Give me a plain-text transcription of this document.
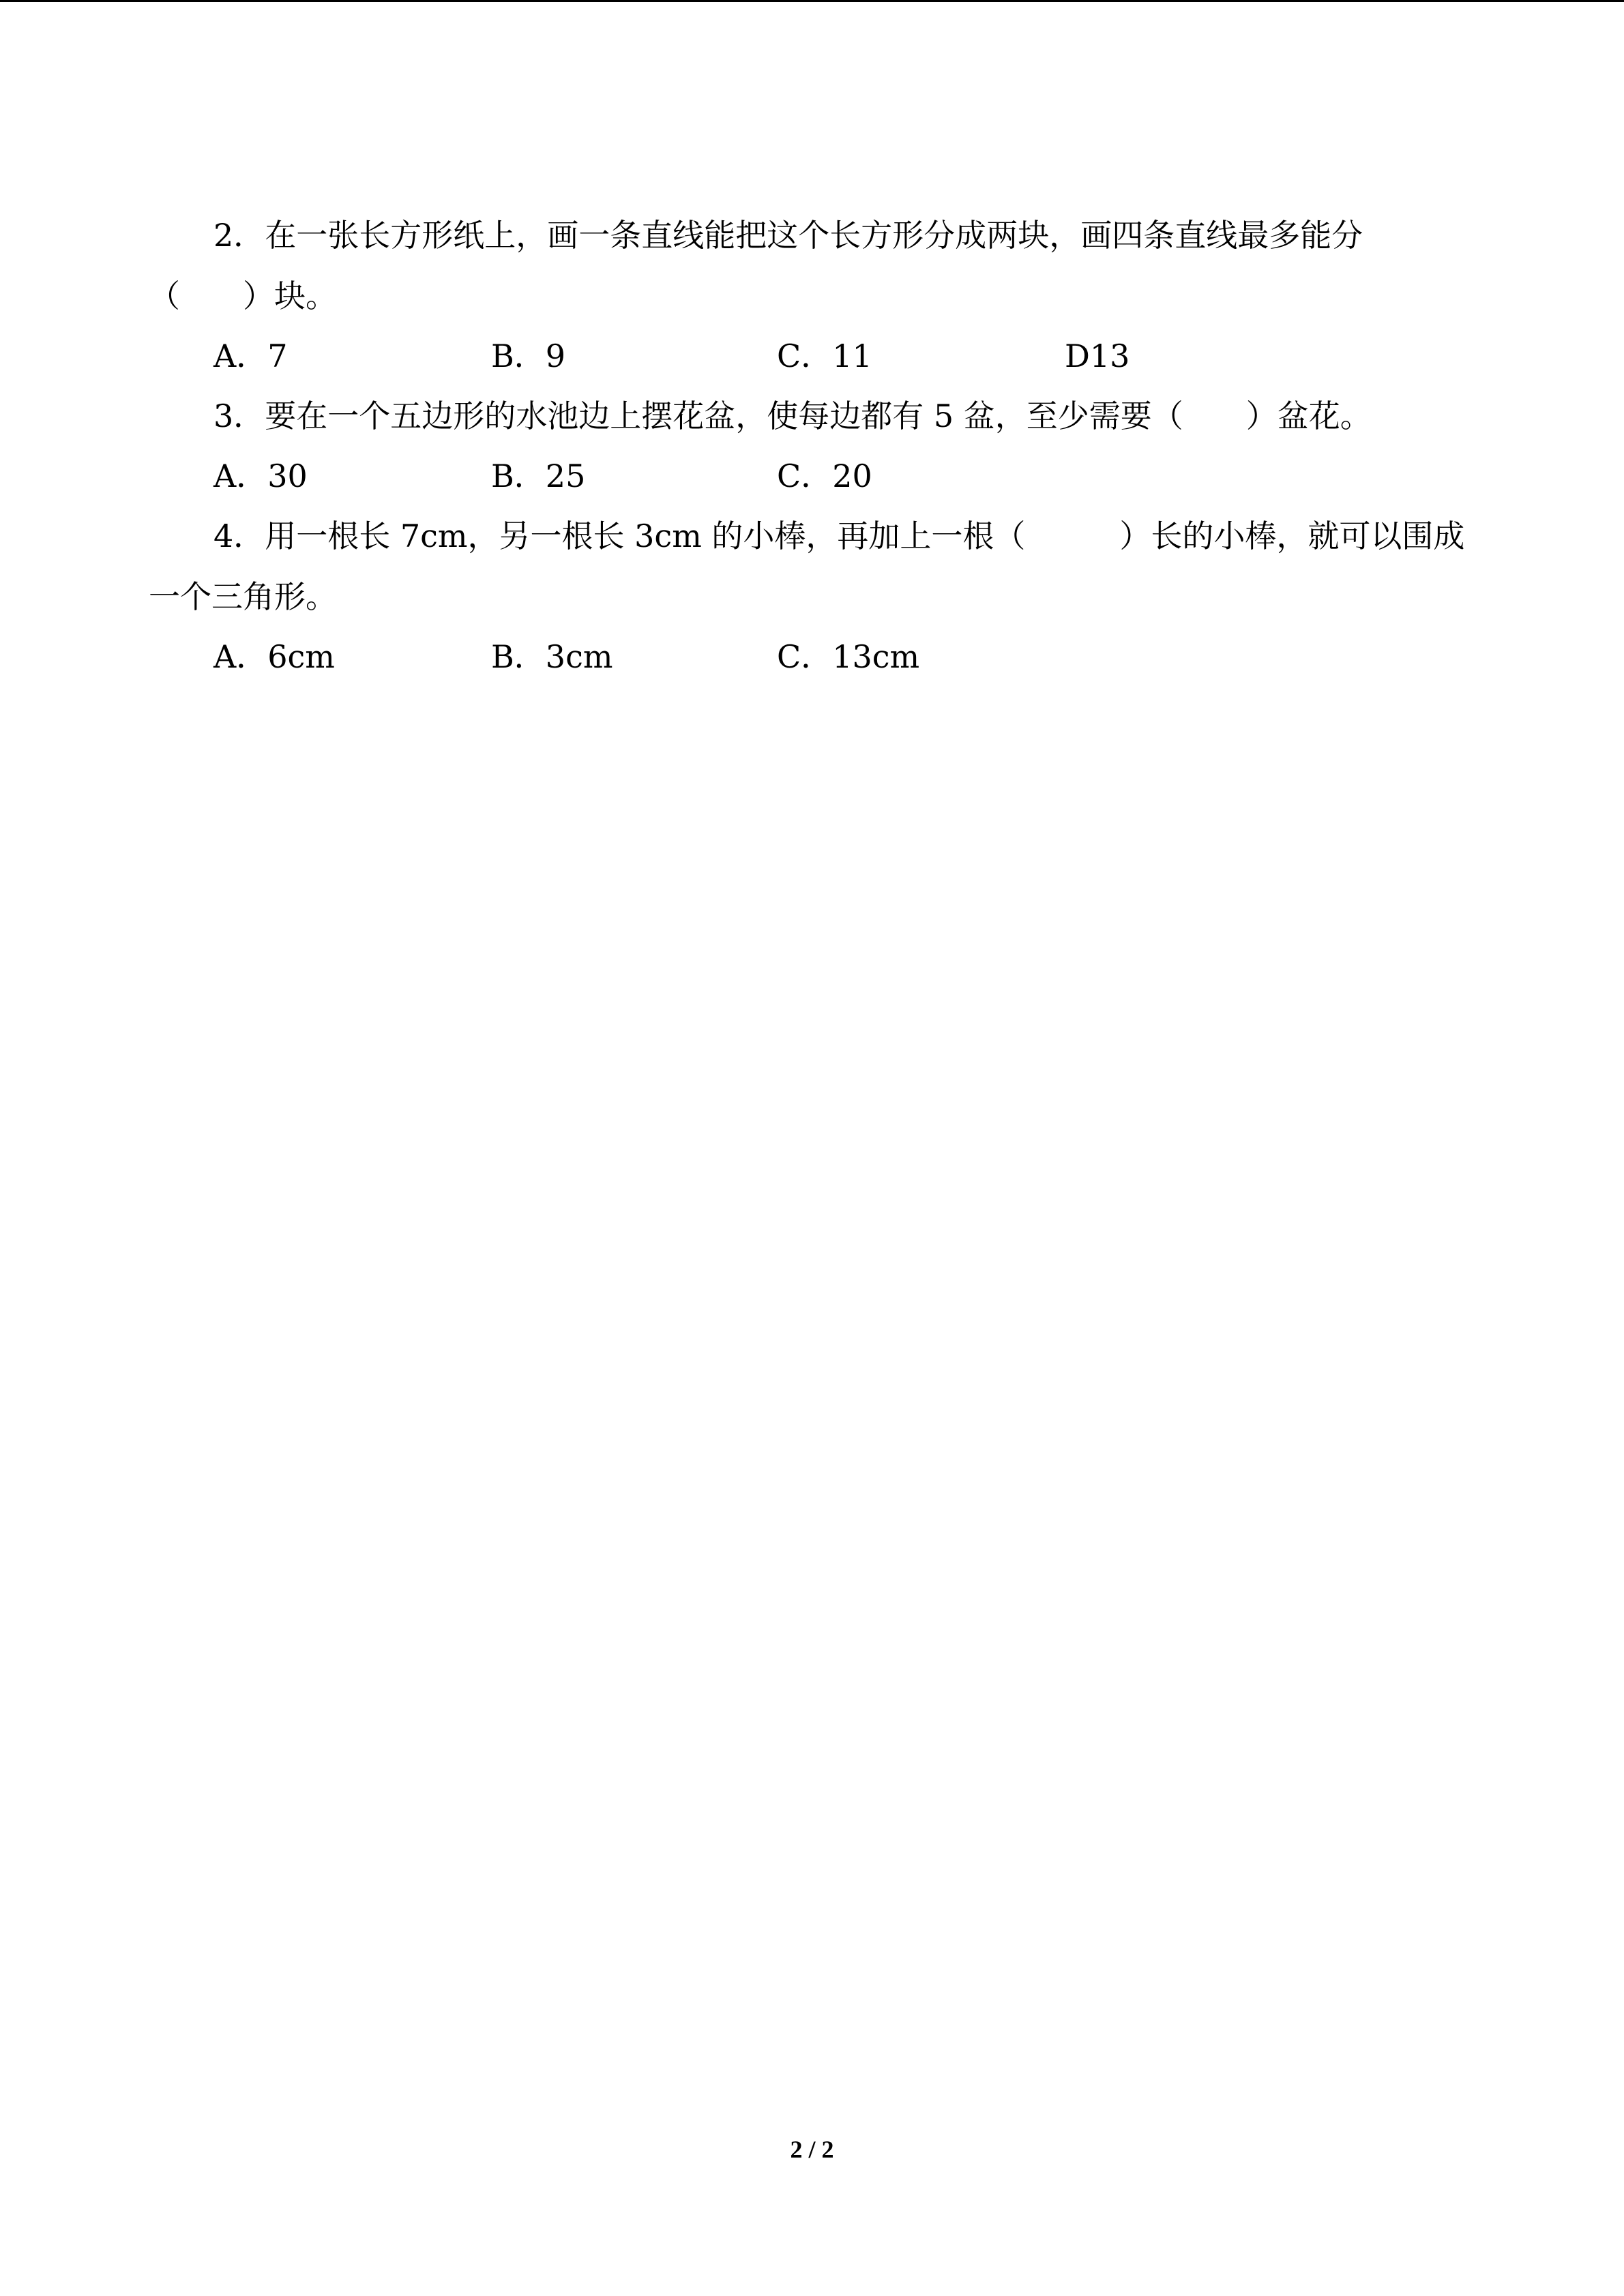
2．在一张长方形纸上，画一条直线能把这个长方形分成两块，画四条直线最多能分
（　　）块。
A．7	B．9	C．11	D13
3．要在一个五边形的水池边上摆花盆，使每边都有 5 盆，至少需要（　　）盆花。
A．30	B．25	C．20
4．用一根长 7cm，另一根长 3cm 的小棒，再加上一根（　　　）长的小棒，就可以围成
一个三角形。
A．6cm	B．3cm	C．13cm
2 / 2
